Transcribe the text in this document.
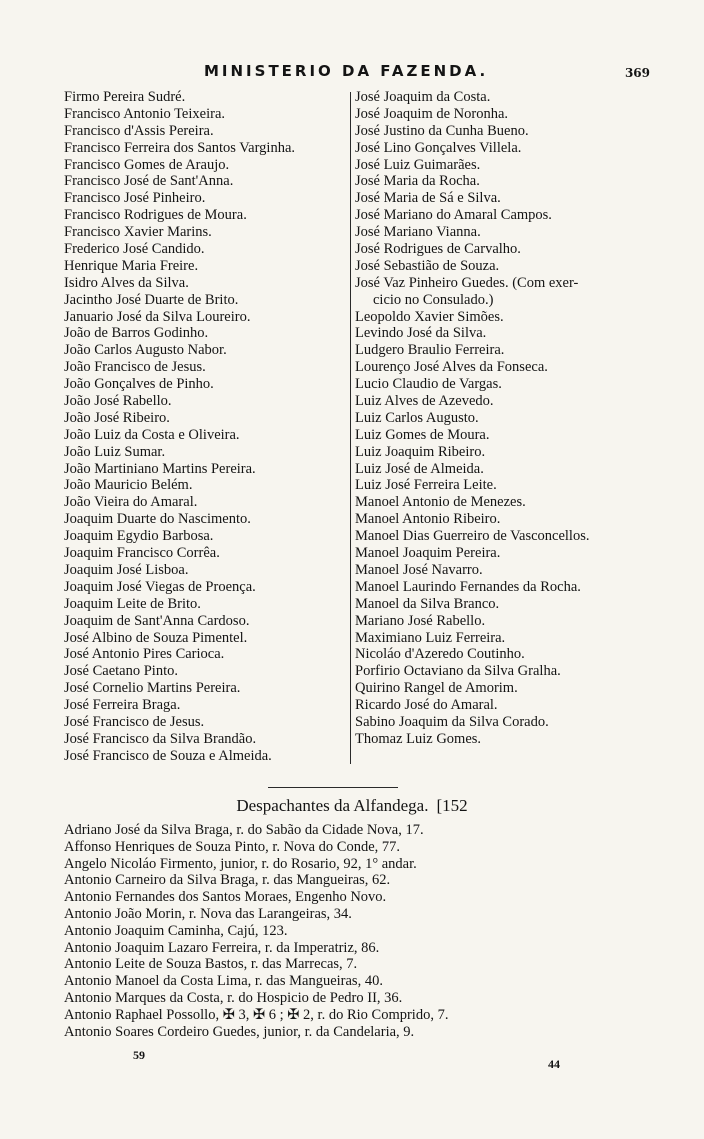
MINISTERIO DA FAZENDA.	369
Firmo Pereira Sudré.
Francisco Antonio Teixeira.
Francisco d'Assis Pereira.
Francisco Ferreira dos Santos Varginha.
Francisco Gomes de Araujo.
Francisco José de Sant'Anna.
Francisco José Pinheiro.
Francisco Rodrigues de Moura.
Francisco Xavier Marins.
Frederico José Candido.
Henrique Maria Freire.
Isidro Alves da Silva.
Jacintho José Duarte de Brito.
Januario José da Silva Loureiro.
João de Barros Godinho.
João Carlos Augusto Nabor.
João Francisco de Jesus.
João Gonçalves de Pinho.
João José Rabello.
João José Ribeiro.
João Luiz da Costa e Oliveira.
João Luiz Sumar.
João Martiniano Martins Pereira.
João Mauricio Belém.
João Vieira do Amaral.
Joaquim Duarte do Nascimento.
Joaquim Egydio Barbosa.
Joaquim Francisco Corrêa.
Joaquim José Lisboa.
Joaquim José Viegas de Proença.
Joaquim Leite de Brito.
Joaquim de Sant'Anna Cardoso.
José Albino de Souza Pimentel.
José Antonio Pires Carioca.
José Caetano Pinto.
José Cornelio Martins Pereira.
José Ferreira Braga.
José Francisco de Jesus.
José Francisco da Silva Brandão.
José Francisco de Souza e Almeida.
José Joaquim da Costa.
José Joaquim de Noronha.
José Justino da Cunha Bueno.
José Lino Gonçalves Villela.
José Luiz Guimarães.
José Maria da Rocha.
José Maria de Sá e Silva.
José Mariano do Amaral Campos.
José Mariano Vianna.
José Rodrigues de Carvalho.
José Sebastião de Souza.
José Vaz Pinheiro Guedes. (Com exer-
cicio no Consulado.)
Leopoldo Xavier Simões.
Levindo José da Silva.
Ludgero Braulio Ferreira.
Lourenço José Alves da Fonseca.
Lucio Claudio de Vargas.
Luiz Alves de Azevedo.
Luiz Carlos Augusto.
Luiz Gomes de Moura.
Luiz Joaquim Ribeiro.
Luiz José de Almeida.
Luiz José Ferreira Leite.
Manoel Antonio de Menezes.
Manoel Antonio Ribeiro.
Manoel Dias Guerreiro de Vasconcellos.
Manoel Joaquim Pereira.
Manoel José Navarro.
Manoel Laurindo Fernandes da Rocha.
Manoel da Silva Branco.
Mariano José Rabello.
Maximiano Luiz Ferreira.
Nicoláo d'Azeredo Coutinho.
Porfirio Octaviano da Silva Gralha.
Quirino Rangel de Amorim.
Ricardo José do Amaral.
Sabino Joaquim da Silva Corado.
Thomaz Luiz Gomes.
Despachantes da Alfandega. [152
Adriano José da Silva Braga, r. do Sabão da Cidade Nova, 17.
Affonso Henriques de Souza Pinto, r. Nova do Conde, 77.
Angelo Nicoláo Firmento, junior, r. do Rosario, 92, 1° andar.
Antonio Carneiro da Silva Braga, r. das Mangueiras, 62.
Antonio Fernandes dos Santos Moraes, Engenho Novo.
Antonio João Morin, r. Nova das Larangeiras, 34.
Antonio Joaquim Caminha, Cajú, 123.
Antonio Joaquim Lazaro Ferreira, r. da Imperatriz, 86.
Antonio Leite de Souza Bastos, r. das Marrecas, 7.
Antonio Manoel da Costa Lima, r. das Mangueiras, 40.
Antonio Marques da Costa, r. do Hospicio de Pedro II, 36.
Antonio Raphael Possollo, ✠ 3, ✠ 6 ; ✠ 2, r. do Rio Comprido, 7.
Antonio Soares Cordeiro Guedes, junior, r. da Candelaria, 9.
59
44
